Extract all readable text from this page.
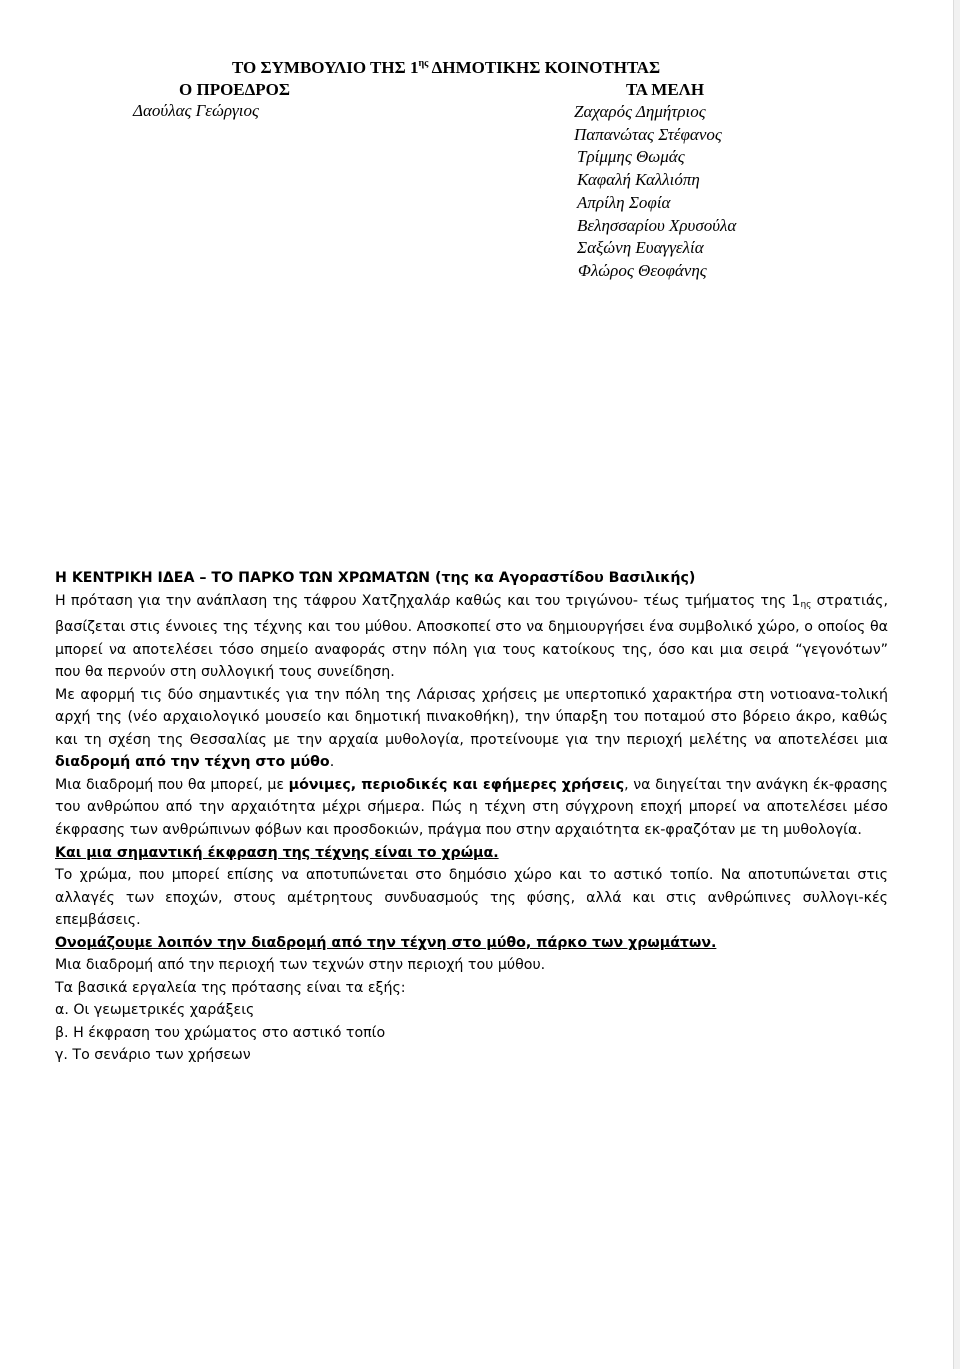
ΤΟ ΣΥΜΒΟΥΛΙΟ ΤΗΣ $1^{\eta\varsigma}$ ΔΗΜΟΤΙΚΗΣ ΚΟΙΝΟΤΗΤΑΣ
Ο ΠΡΟΕΔΡΟΣ	ΤΑ ΜΕΛΗ
Δαούλας Γεώργιος	Ζαχαρός Δημήτριος
Παπανώτας Στέφανος
Τρίμμης Θωμάς
Καφαλή Καλλιόπη
Απρίλη Σοφία
Βελησσαρίου Χρυσούλα
Σαξώνη Ευαγγελία
Φλώρος Θεοφάνης

Η ΚΕΝΤΡΙΚΗ ΙΔΕΑ – ΤΟ ΠΑΡΚΟ ΤΩΝ ΧΡΩΜΑΤΩΝ (της κα Αγοραστίδου Βασιλικής)

Η πρόταση για την ανάπλαση της τάφρου Χατζηχαλάρ καθώς και του τριγώνου- τέως τμήματος της $1_{\eta\varsigma}$ στρατιάς, βασίζεται στις έννοιες της τέχνης και του μύθου. Αποσκοπεί στο να δημιουργήσει ένα συμβολικό χώρο, ο οποίος θα μπορεί να αποτελέσει τόσο σημείο αναφοράς στην πόλη για τους κατοίκους της, όσο και μια σειρά “γεγονότων” που θα περνούν στη συλλογική τους συνείδηση.

Με αφορμή τις δύο σημαντικές για την πόλη της Λάρισας χρήσεις με υπερτοπικό χαρακτήρα στη νοτιοανα-τολική αρχή της (νέο αρχαιολογικό μουσείο και δημοτική πινακοθήκη), την ύπαρξη του ποταμού στο βόρειο άκρο, καθώς και τη σχέση της Θεσσαλίας με την αρχαία μυθολογία, προτείνουμε για την περιοχή μελέτης να αποτελέσει μια διαδρομή από την τέχνη στο μύθο.

Μια διαδρομή που θα μπορεί, με μόνιμες, περιοδικές και εφήμερες χρήσεις, να διηγείται την ανάγκη έκ-φρασης του ανθρώπου από την αρχαιότητα μέχρι σήμερα. Πώς η τέχνη στη σύγχρονη εποχή μπορεί να αποτελέσει μέσο έκφρασης των ανθρώπινων φόβων και προσδοκιών, πράγμα που στην αρχαιότητα εκ-φραζόταν με τη μυθολογία.

Και μια σημαντική έκφραση της τέχνης είναι το χρώμα.

Το χρώμα, που μπορεί επίσης να αποτυπώνεται στο δημόσιο χώρο και το αστικό τοπίο. Να αποτυπώνεται στις αλλαγές των εποχών, στους αμέτρητους συνδυασμούς της φύσης, αλλά και στις ανθρώπινες συλλογι-κές επεμβάσεις.

Ονομάζουμε λοιπόν την διαδρομή από την τέχνη στο μύθο, πάρκο των χρωμάτων.

Μια διαδρομή από την περιοχή των τεχνών στην περιοχή του μύθου.

Τα βασικά εργαλεία της πρότασης είναι τα εξής:

α. Οι γεωμετρικές χαράξεις

β. Η έκφραση του χρώματος στο αστικό τοπίο

γ. Το σενάριο των χρήσεων
